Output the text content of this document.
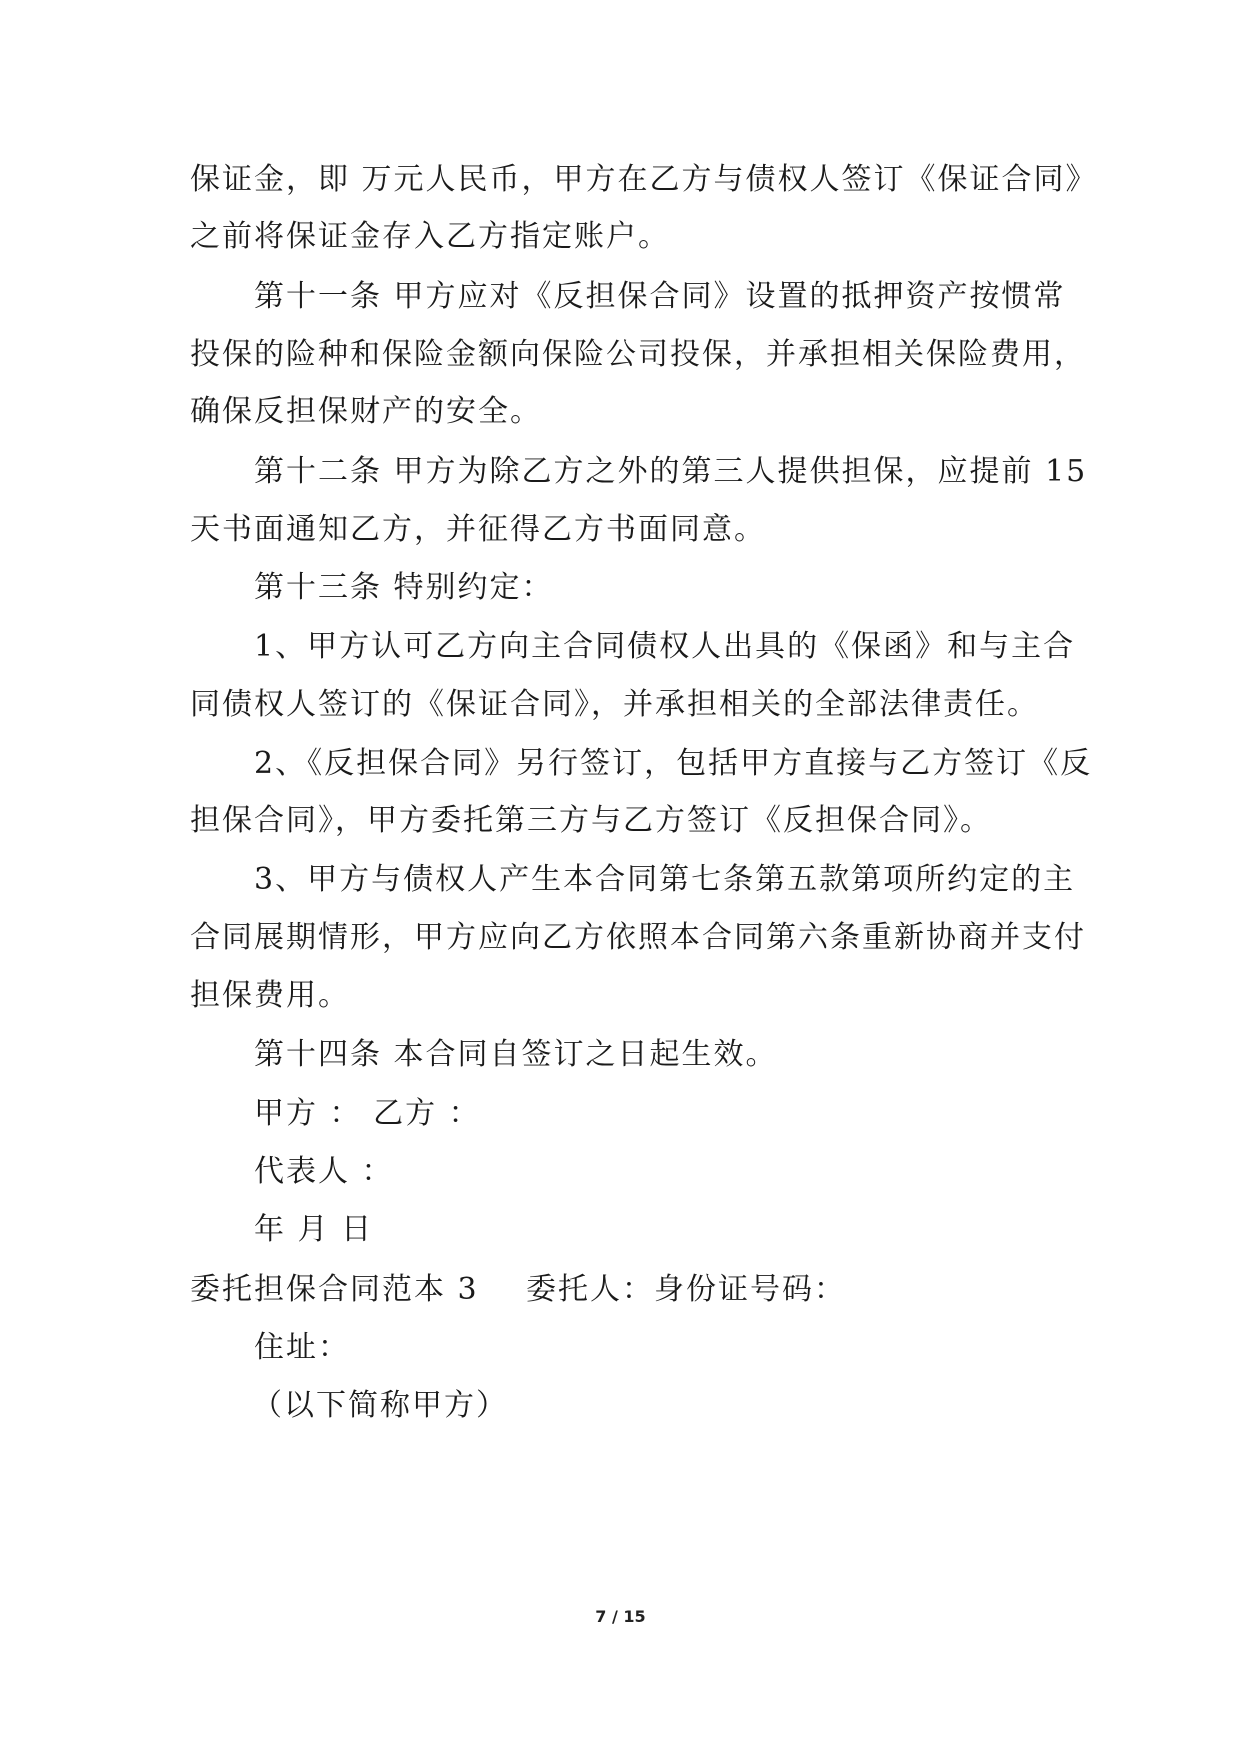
保证金，即 万元人民币，甲方在乙方与债权人签订《保证合同》
之前将保证金存入乙方指定账户。
第十一条 甲方应对《反担保合同》设置的抵押资产按惯常
投保的险种和保险金额向保险公司投保，并承担相关保险费用，
确保反担保财产的安全。
第十二条 甲方为除乙方之外的第三人提供担保，应提前 15
天书面通知乙方，并征得乙方书面同意。
第十三条 特别约定：
1、甲方认可乙方向主合同债权人出具的《保函》和与主合
同债权人签订的《保证合同》，并承担相关的全部法律责任。
2、《反担保合同》另行签订，包括甲方直接与乙方签订《反
担保合同》，甲方委托第三方与乙方签订《反担保合同》。
3、甲方与债权人产生本合同第七条第五款第项所约定的主
合同展期情形，甲方应向乙方依照本合同第六条重新协商并支付
担保费用。
第十四条 本合同自签订之日起生效。
甲方 ： 乙方 ：
代表人 ：
年 月 日
委托担保合同范本 3 委托人：身份证号码：
住址：
（以下简称甲方）
7 / 15
